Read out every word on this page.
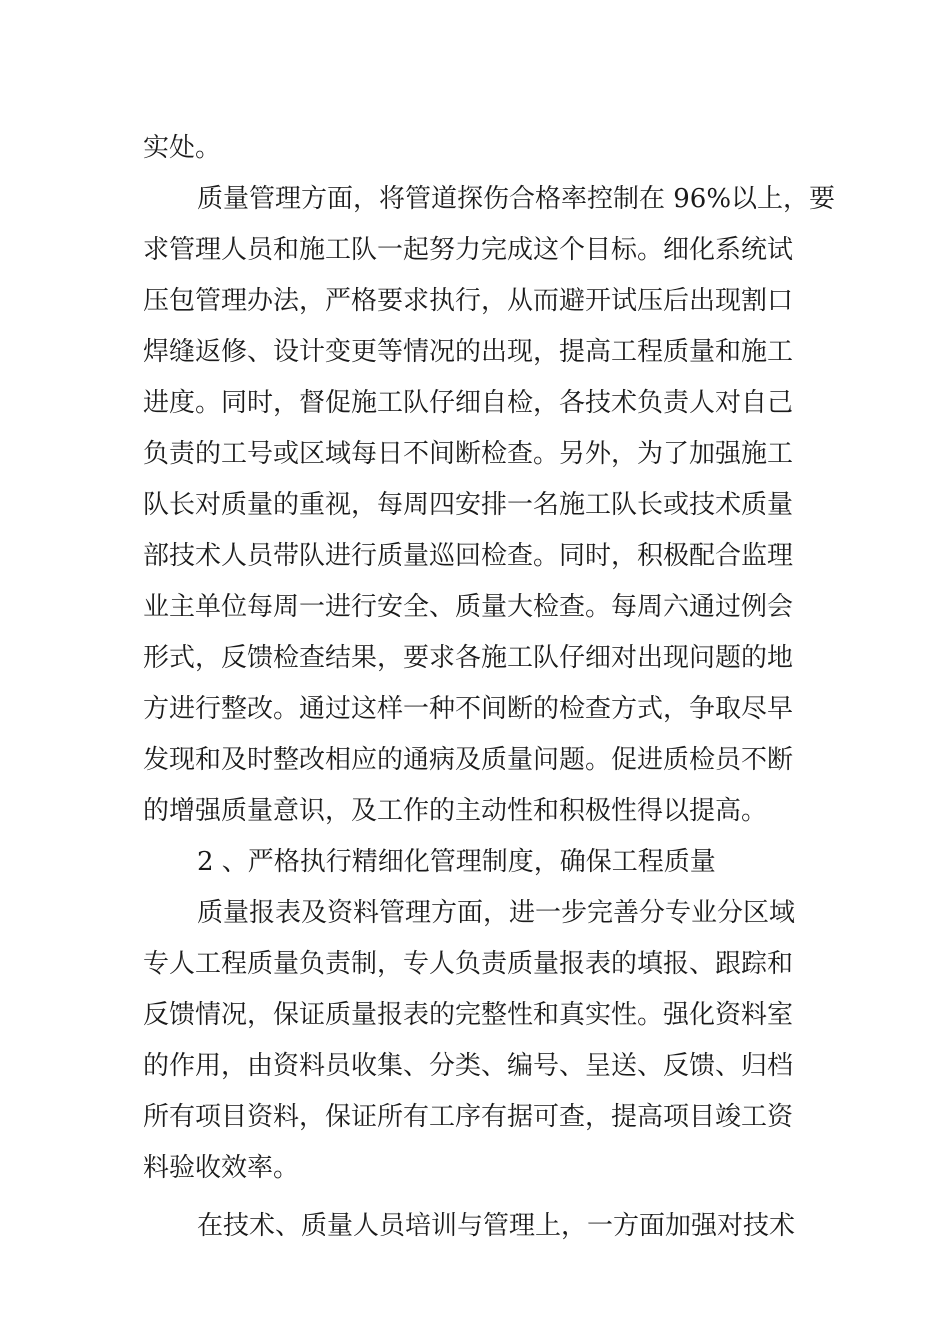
实处。

质量管理方面，将管道探伤合格率控制在 96%以上，要

求管理人员和施工队一起努力完成这个目标。细化系统试

压包管理办法，严格要求执行，从而避开试压后出现割口

焊缝返修、设计变更等情况的出现，提高工程质量和施工

进度。同时，督促施工队仔细自检，各技术负责人对自己

负责的工号或区域每日不间断检查。另外，为了加强施工

队长对质量的重视，每周四安排一名施工队长或技术质量

部技术人员带队进行质量巡回检查。同时，积极配合监理

业主单位每周一进行安全、质量大检查。每周六通过例会

形式，反馈检查结果，要求各施工队仔细对出现问题的地

方进行整改。通过这样一种不间断的检查方式，争取尽早

发现和及时整改相应的通病及质量问题。促进质检员不断

的增强质量意识，及工作的主动性和积极性得以提高。

2 、严格执行精细化管理制度，确保工程质量

质量报表及资料管理方面，进一步完善分专业分区域

专人工程质量负责制，专人负责质量报表的填报、跟踪和

反馈情况，保证质量报表的完整性和真实性。强化资料室

的作用，由资料员收集、分类、编号、呈送、反馈、归档

所有项目资料，保证所有工序有据可查，提高项目竣工资

料验收效率。

在技术、质量人员培训与管理上，一方面加强对技术
